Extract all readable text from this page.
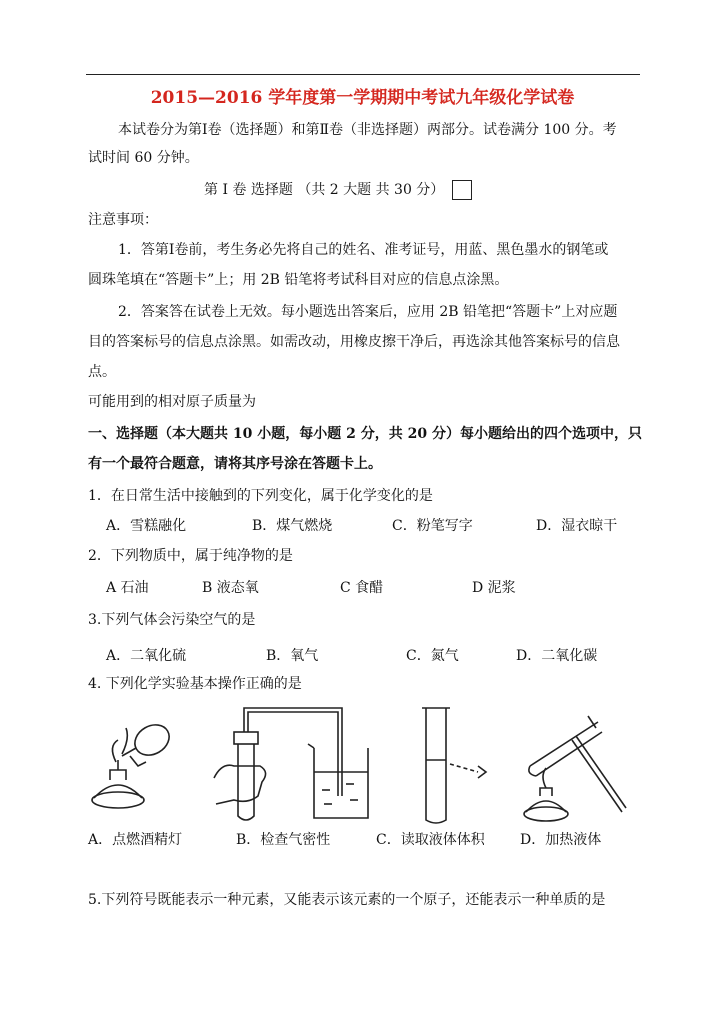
2015—2016 学年度第一学期期中考试九年级化学试卷
本试卷分为第Ⅰ卷（选择题）和第Ⅱ卷（非选择题）两部分。试卷满分 100 分。考
试时间 60 分钟。
第 Ⅰ 卷 选择题 （共 2 大题 共 30 分）
注意事项：
1．答第Ⅰ卷前，考生务必先将自己的姓名、准考证号，用蓝、黑色墨水的钢笔或
圆珠笔填在“答题卡”上；用 2B 铅笔将考试科目对应的信息点涂黑。
2．答案答在试卷上无效。每小题选出答案后，应用 2B 铅笔把“答题卡”上对应题
目的答案标号的信息点涂黑。如需改动，用橡皮擦干净后，再选涂其他答案标号的信息
点。
可能用到的相对原子质量为
一、选择题（本大题共 10 小题，每小题 2 分，共 20 分）每小题给出的四个选项中，只
有一个最符合题意，请将其序号涂在答题卡上。
1．在日常生活中接触到的下列变化，属于化学变化的是
A．雪糕融化	B．煤气燃烧	C．粉笔写字	D．湿衣晾干
2．下列物质中，属于纯净物的是
A 石油	B 液态氧	C 食醋	D 泥浆
3.下列气体会污染空气的是
A．二氧化硫	B．氧气	C．氮气	D．二氧化碳
4. 下列化学实验基本操作正确的是
A．点燃酒精灯	B．检查气密性	C．读取液体体积	D．加热液体
5.下列符号既能表示一种元素，又能表示该元素的一个原子，还能表示一种单质的是
